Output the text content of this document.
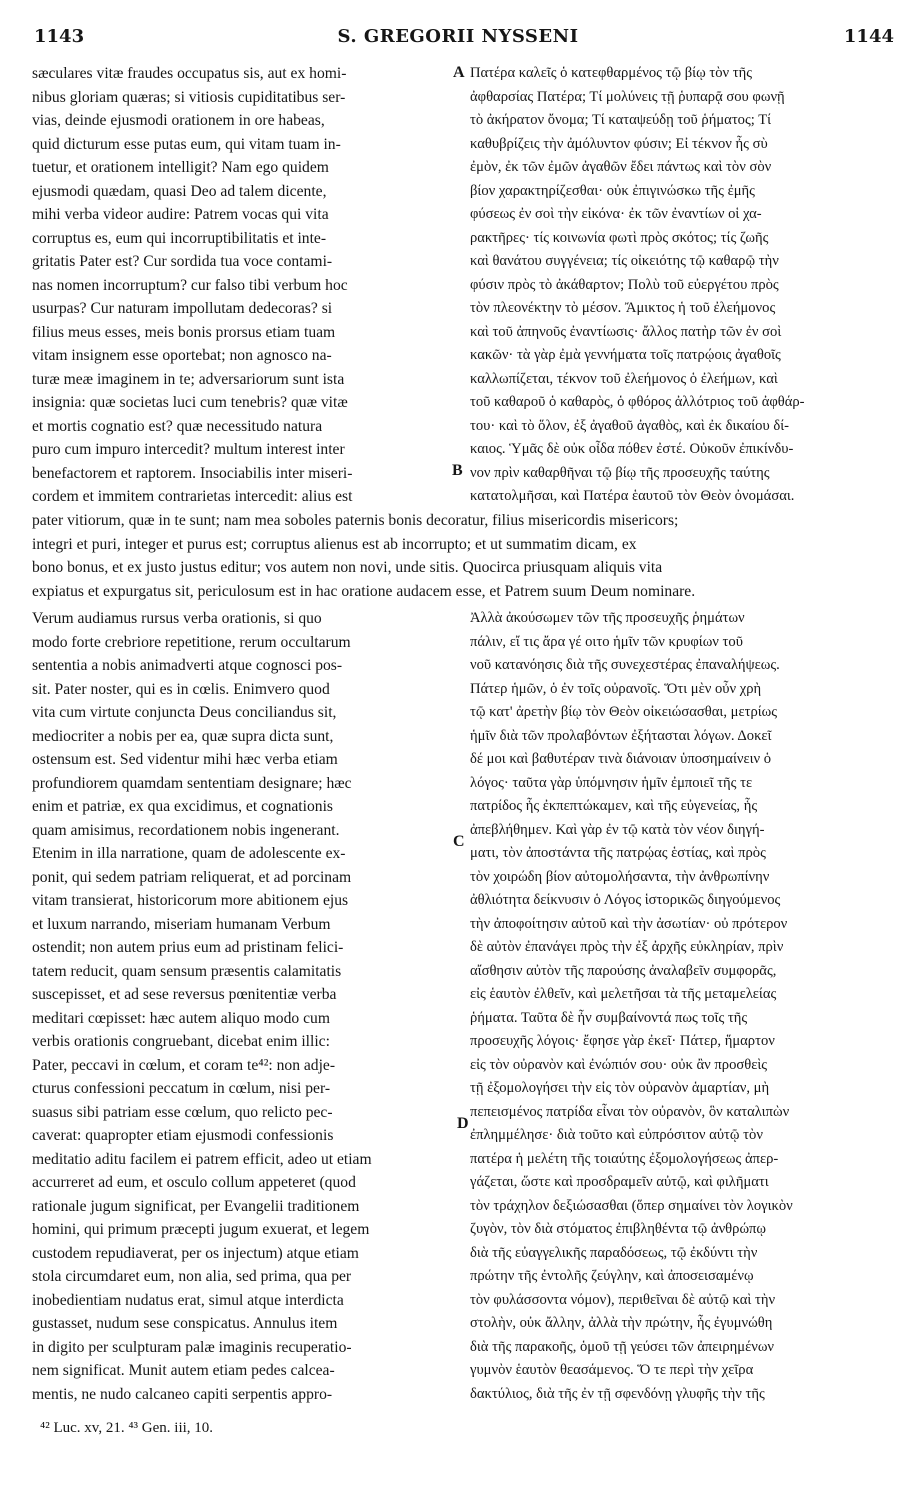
1143	S. GREGORII NYSSENI	1144
sæculares vitæ fraudes occupatus sis, aut ex homi-
nibus gloriam quæras; si vitiosis cupiditatibus ser-
vias, deinde ejusmodi orationem in ore habeas,
quid dicturum esse putas eum, qui vitam tuam in-
tuetur, et orationem intelligit? Nam ego quidem
ejusmodi quædam, quasi Deo ad talem dicente,
mihi verba videor audire: Patrem vocas qui vita
corruptus es, eum qui incorruptibilitatis et inte-
gritatis Pater est? Cur sordida tua voce contami-
nas nomen incorruptum? cur falso tibi verbum hoc
usurpas? Cur naturam impollutam dedecoras? si
filius meus esses, meis bonis prorsus etiam tuam
vitam insignem esse oportebat; non agnosco na-
turæ meæ imaginem in te; adversariorum sunt ista
insignia: quæ societas luci cum tenebris? quæ vitæ
et mortis cognatio est? quæ necessitudo natura
puro cum impuro intercedit? multum interest inter
benefactorem et raptorem. Insociabilis inter miseri-
cordem et immitem contrarietas intercedit: alius est
Πατέρα καλεῖς ὁ κατεφθαρμένος τῷ βίῳ τὸν τῆς
ἀφθαρσίας Πατέρα; Τί μολύνεις τῇ ῥυπαρᾷ σου φωνῇ
τὸ ἀκήρατον ὄνομα; Τί καταψεύδῃ τοῦ ῥήματος; Τί
καθυβρίζεις τὴν ἀμόλυντον φύσιν; Εἰ τέκνον ἦς σὺ
ἐμὸν, ἐκ τῶν ἐμῶν ἀγαθῶν ἔδει πάντως καὶ τὸν σὸν
βίον χαρακτηρίζεσθαι· οὐκ ἐπιγινώσκω τῆς ἐμῆς
φύσεως ἐν σοὶ τὴν εἰκόνα· ἐκ τῶν ἐναντίων οἱ χα-
ρακτῆρες· τίς κοινωνία φωτὶ πρὸς σκότος; τίς ζωῆς
καὶ θανάτου συγγένεια; τίς οἰκειότης τῷ καθαρῷ τὴν
φύσιν πρὸς τὸ ἀκάθαρτον; Πολὺ τοῦ εὐεργέτου πρὸς
τὸν πλεονέκτην τὸ μέσον. Ἄμικτος ἡ τοῦ ἐλεήμονος
καὶ τοῦ ἀπηνοῦς ἐναντίωσις· ἄλλος πατὴρ τῶν ἐν σοὶ
κακῶν· τὰ γὰρ ἐμὰ γεννήματα τοῖς πατρῴοις ἀγαθοῖς
καλλωπίζεται, τέκνον τοῦ ἐλεήμονος ὁ ἐλεήμων, καὶ
τοῦ καθαροῦ ὁ καθαρὸς, ὁ φθόρος ἀλλότριος τοῦ ἀφθάρ-
του· καὶ τὸ ὅλον, ἐξ ἀγαθοῦ ἀγαθὸς, καὶ ἐκ δικαίου δί-
καιος. Ὑμᾶς δὲ οὐκ οἶδα πόθεν ἐστέ. Οὐκοῦν ἐπικίνδυ-
νον πρὶν καθαρθῆναι τῷ βίῳ τῆς προσευχῆς ταύτης
κατατολμῆσαι, καὶ Πατέρα ἑαυτοῦ τὸν Θεὸν ὀνομάσαι.
pater vitiorum, quæ in te sunt; nam mea soboles paternis bonis decoratur, filius misericordis misericors;
integri et puri, integer et purus est; corruptus alienus est ab incorrupto; et ut summatim dicam, ex
bono bonus, et ex justo justus editur; vos autem non novi, unde sitis. Quocirca priusquam aliquis vita
expiatus et expurgatus sit, periculosum est in hac oratione audacem esse, et Patrem suum Deum nominare.
Verum audiamus rursus verba orationis, si quo
modo forte crebriore repetitione, rerum occultarum
sententia a nobis animadverti atque cognosci pos-
sit. Pater noster, qui es in cœlis. Enimvero quod
vita cum virtute conjuncta Deus conciliandus sit,
mediocriter a nobis per ea, quæ supra dicta sunt,
ostensum est. Sed videntur mihi hæc verba etiam
profundiorem quamdam sententiam designare; hæc
enim et patriæ, ex qua excidimus, et cognationis
quam amisimus, recordationem nobis ingenerant.
Etenim in illa narratione, quam de adolescente ex-
ponit, qui sedem patriam reliquerat, et ad porcinam
vitam transierat, historicorum more abitionem ejus
et luxum narrando, miseriam humanam Verbum
ostendit; non autem prius eum ad pristinam felici-
tatem reducit, quam sensum præsentis calamitatis
suscepisset, et ad sese reversus pœnitentiæ verba
meditari cœpisset: hæc autem aliquo modo cum
verbis orationis congruebant, dicebat enim illic:
Pater, peccavi in cœlum, et coram te⁴²: non adje-
cturus confessioni peccatum in cœlum, nisi per-
suasus sibi patriam esse cœlum, quo relicto pec-
caverat: quapropter etiam ejusmodi confessionis
meditatio aditu facilem ei patrem efficit, adeo ut etiam
accurreret ad eum, et osculo collum appeteret (quod
rationale jugum significat, per Evangelii traditionem
homini, qui primum præcepti jugum exuerat, et legem
custodem repudiaverat, per os injectum) atque etiam
stola circumdaret eum, non alia, sed prima, qua per
inobedientiam nudatus erat, simul atque interdicta
gustasset, nudum sese conspicatus. Annulus item
in digito per sculpturam palæ imaginis recuperatio-
nem significat. Munit autem etiam pedes calcea-
mentis, ne nudo calcaneo capiti serpentis appro-
Ἀλλὰ ἀκούσωμεν τῶν τῆς προσευχῆς ῥημάτων
πάλιν, εἴ τις ἄρα γέ οιτο ἡμῖν τῶν κρυφίων τοῦ
νοῦ κατανόησις διὰ τῆς συνεχεστέρας ἐπαναλήψεως.
Πάτερ ἡμῶν, ὁ ἐν τοῖς οὐρανοῖς. Ὅτι μὲν οὖν χρὴ
τῷ κατ' ἀρετὴν βίῳ τὸν Θεὸν οἰκειώσασθαι, μετρίως
ἡμῖν διὰ τῶν προλαβόντων ἐξήτασται λόγων. Δοκεῖ
δέ μοι καὶ βαθυτέραν τινὰ διάνοιαν ὑποσημαίνειν ὁ
λόγος· ταῦτα γὰρ ὑπόμνησιν ἡμῖν ἐμποιεῖ τῆς τε
πατρίδος ἧς ἐκπεπτώκαμεν, καὶ τῆς εὐγενείας, ἧς
ἀπεβλήθημεν. Καὶ γὰρ ἐν τῷ κατὰ τὸν νέον διηγή-
ματι, τὸν ἀποστάντα τῆς πατρῴας ἑστίας, καὶ πρὸς
τὸν χοιρώδη βίον αὐτομολήσαντα, τὴν ἀνθρωπίνην
ἀθλιότητα δείκνυσιν ὁ Λόγος ἱστορικῶς διηγούμενος
τὴν ἀποφοίτησιν αὐτοῦ καὶ τὴν ἀσωτίαν· οὐ πρότερον
δὲ αὐτὸν ἐπανάγει πρὸς τὴν ἐξ ἀρχῆς εὐκληρίαν, πρὶν
αἴσθησιν αὐτὸν τῆς παρούσης ἀναλαβεῖν συμφορᾶς,
εἰς ἑαυτὸν ἐλθεῖν, καὶ μελετῆσαι τὰ τῆς μεταμελείας
ῥήματα. Ταῦτα δὲ ἦν συμβαίνοντά πως τοῖς τῆς
προσευχῆς λόγοις· ἔφησε γὰρ ἐκεῖ· Πάτερ, ἥμαρτον
εἰς τὸν οὐρανὸν καὶ ἐνώπιόν σου· οὐκ ἂν προσθεὶς
τῇ ἐξομολογήσει τὴν εἰς τὸν οὐρανὸν ἁμαρτίαν, μὴ
πεπεισμένος πατρίδα εἶναι τὸν οὐρανὸν, ὃν καταλιπὼν
ἐπλημμέλησε· διὰ τοῦτο καὶ εὐπρόσιτον αὐτῷ τὸν
πατέρα ἡ μελέτη τῆς τοιαύτης ἐξομολογήσεως ἀπερ-
γάζεται, ὥστε καὶ προσδραμεῖν αὐτῷ, καὶ φιλῆματι
τὸν τράχηλον δεξιώσασθαι (ὅπερ σημαίνει τὸν λογικὸν
ζυγὸν, τὸν διὰ στόματος ἐπιβληθέντα τῷ ἀνθρώπῳ
διὰ τῆς εὐαγγελικῆς παραδόσεως, τῷ ἐκδύντι τὴν
πρώτην τῆς ἐντολῆς ζεύγλην, καὶ ἀποσεισαμένῳ
τὸν φυλάσσοντα νόμον), περιθεῖναι δὲ αὐτῷ καὶ τὴν
στολὴν, οὐκ ἄλλην, ἀλλὰ τὴν πρώτην, ἧς ἐγυμνώθη
διὰ τῆς παρακοῆς, ὁμοῦ τῇ γεύσει τῶν ἀπειρημένων
γυμνὸν ἑαυτὸν θεασάμενος. Ὅ τε περὶ τὴν χεῖρα
δακτύλιος, διὰ τῆς ἐν τῇ σφενδόνῃ γλυφῆς τὴν τῆς
A
B
C
D
⁴² Luc. xv, 21. ⁴³ Gen. iii, 10.
